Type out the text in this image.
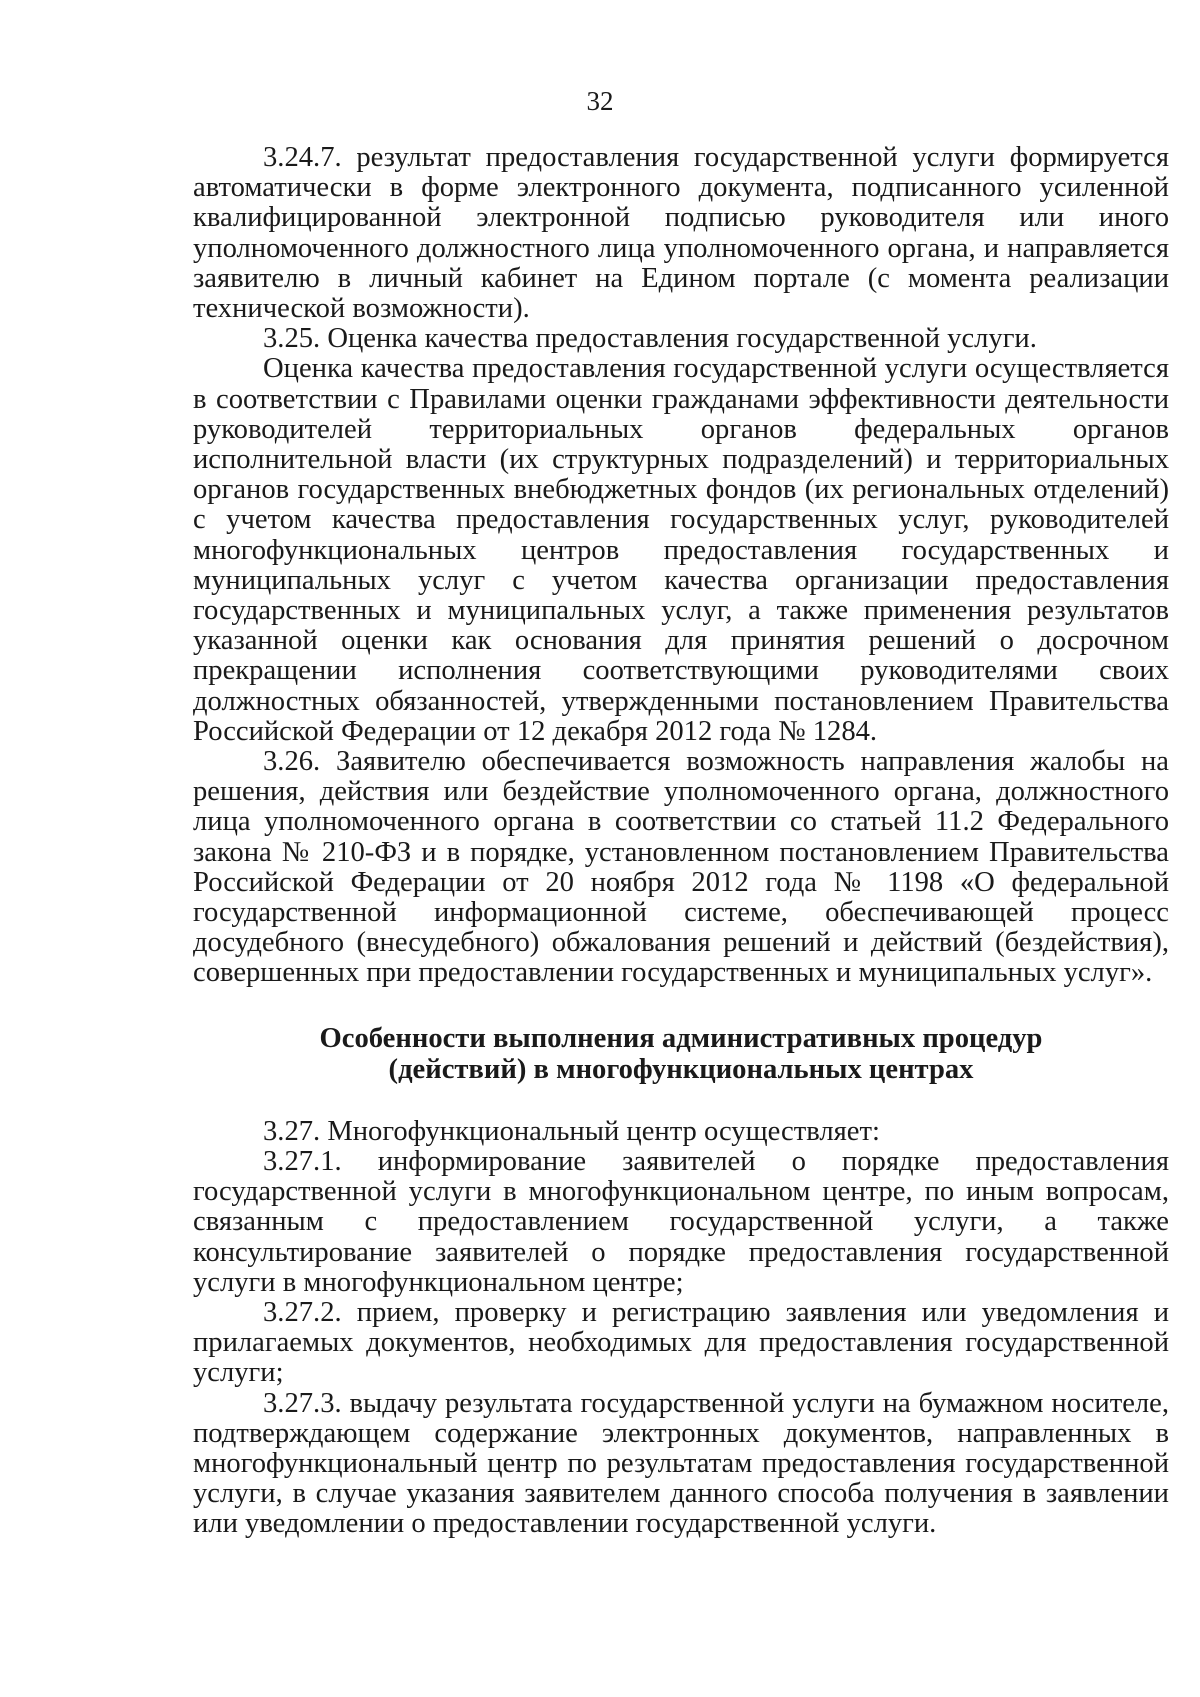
32

3.24.7. результат предоставления государственной услуги формируется автоматически в форме электронного документа, подписанного усиленной квалифицированной электронной подписью руководителя или иного уполномоченного должностного лица уполномоченного органа, и направляется заявителю в личный кабинет на Едином портале (с момента реализации технической возможности).

3.25. Оценка качества предоставления государственной услуги.

Оценка качества предоставления государственной услуги осуществляется в соответствии с Правилами оценки гражданами эффективности деятельности руководителей территориальных органов федеральных органов исполнительной власти (их структурных подразделений) и территориальных органов государственных внебюджетных фондов (их региональных отделений) с учетом качества предоставления государственных услуг, руководителей многофункциональных центров предоставления государственных и муниципальных услуг с учетом качества организации предоставления государственных и муниципальных услуг, а также применения результатов указанной оценки как основания для принятия решений о досрочном прекращении исполнения соответствующими руководителями своих должностных обязанностей, утвержденными постановлением Правительства Российской Федерации от 12 декабря 2012 года № 1284.

3.26. Заявителю обеспечивается возможность направления жалобы на решения, действия или бездействие уполномоченного органа, должностного лица уполномоченного органа в соответствии со статьей 11.2 Федерального закона № 210-ФЗ и в порядке, установленном постановлением Правительства Российской Федерации от 20 ноября 2012 года № 1198 «О федеральной государственной информационной системе, обеспечивающей процесс досудебного (внесудебного) обжалования решений и действий (бездействия), совершенных при предоставлении государственных и муниципальных услуг».

Особенности выполнения административных процедур
(действий) в многофункциональных центрах

3.27. Многофункциональный центр осуществляет:

3.27.1. информирование заявителей о порядке предоставления государственной услуги в многофункциональном центре, по иным вопросам, связанным с предоставлением государственной услуги, а также консультирование заявителей о порядке предоставления государственной услуги в многофункциональном центре;

3.27.2. прием, проверку и регистрацию заявления или уведомления и прилагаемых документов, необходимых для предоставления государственной услуги;

3.27.3. выдачу результата государственной услуги на бумажном носителе, подтверждающем содержание электронных документов, направленных в многофункциональный центр по результатам предоставления государственной услуги, в случае указания заявителем данного способа получения в заявлении или уведомлении о предоставлении государственной услуги.
